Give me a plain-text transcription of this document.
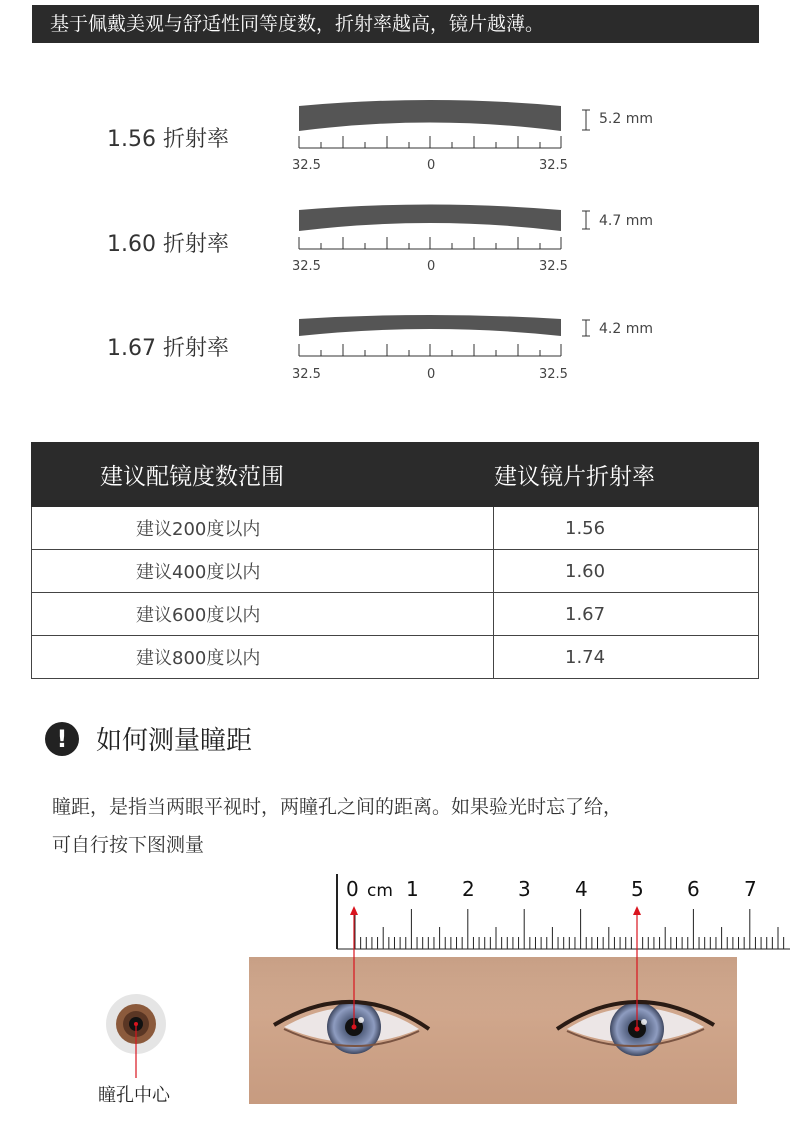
基于佩戴美观与舒适性同等度数，折射率越高，镜片越薄。
1.56 折射率
32.5	0	32.5
5.2 mm
1.60 折射率
32.5	0	32.5
4.7 mm
1.67 折射率
32.5	0	32.5
4.2 mm
建议配镜度数范围	建议镜片折射率
建议200度以内	1.56
建议400度以内	1.60
建议600度以内	1.67
建议800度以内	1.74
!	如何测量瞳距
瞳距，是指当两眼平视时，两瞳孔之间的距离。如果验光时忘了给，
可自行按下图测量
0 cm 1 2 3 4 5 6 7
瞳孔中心
